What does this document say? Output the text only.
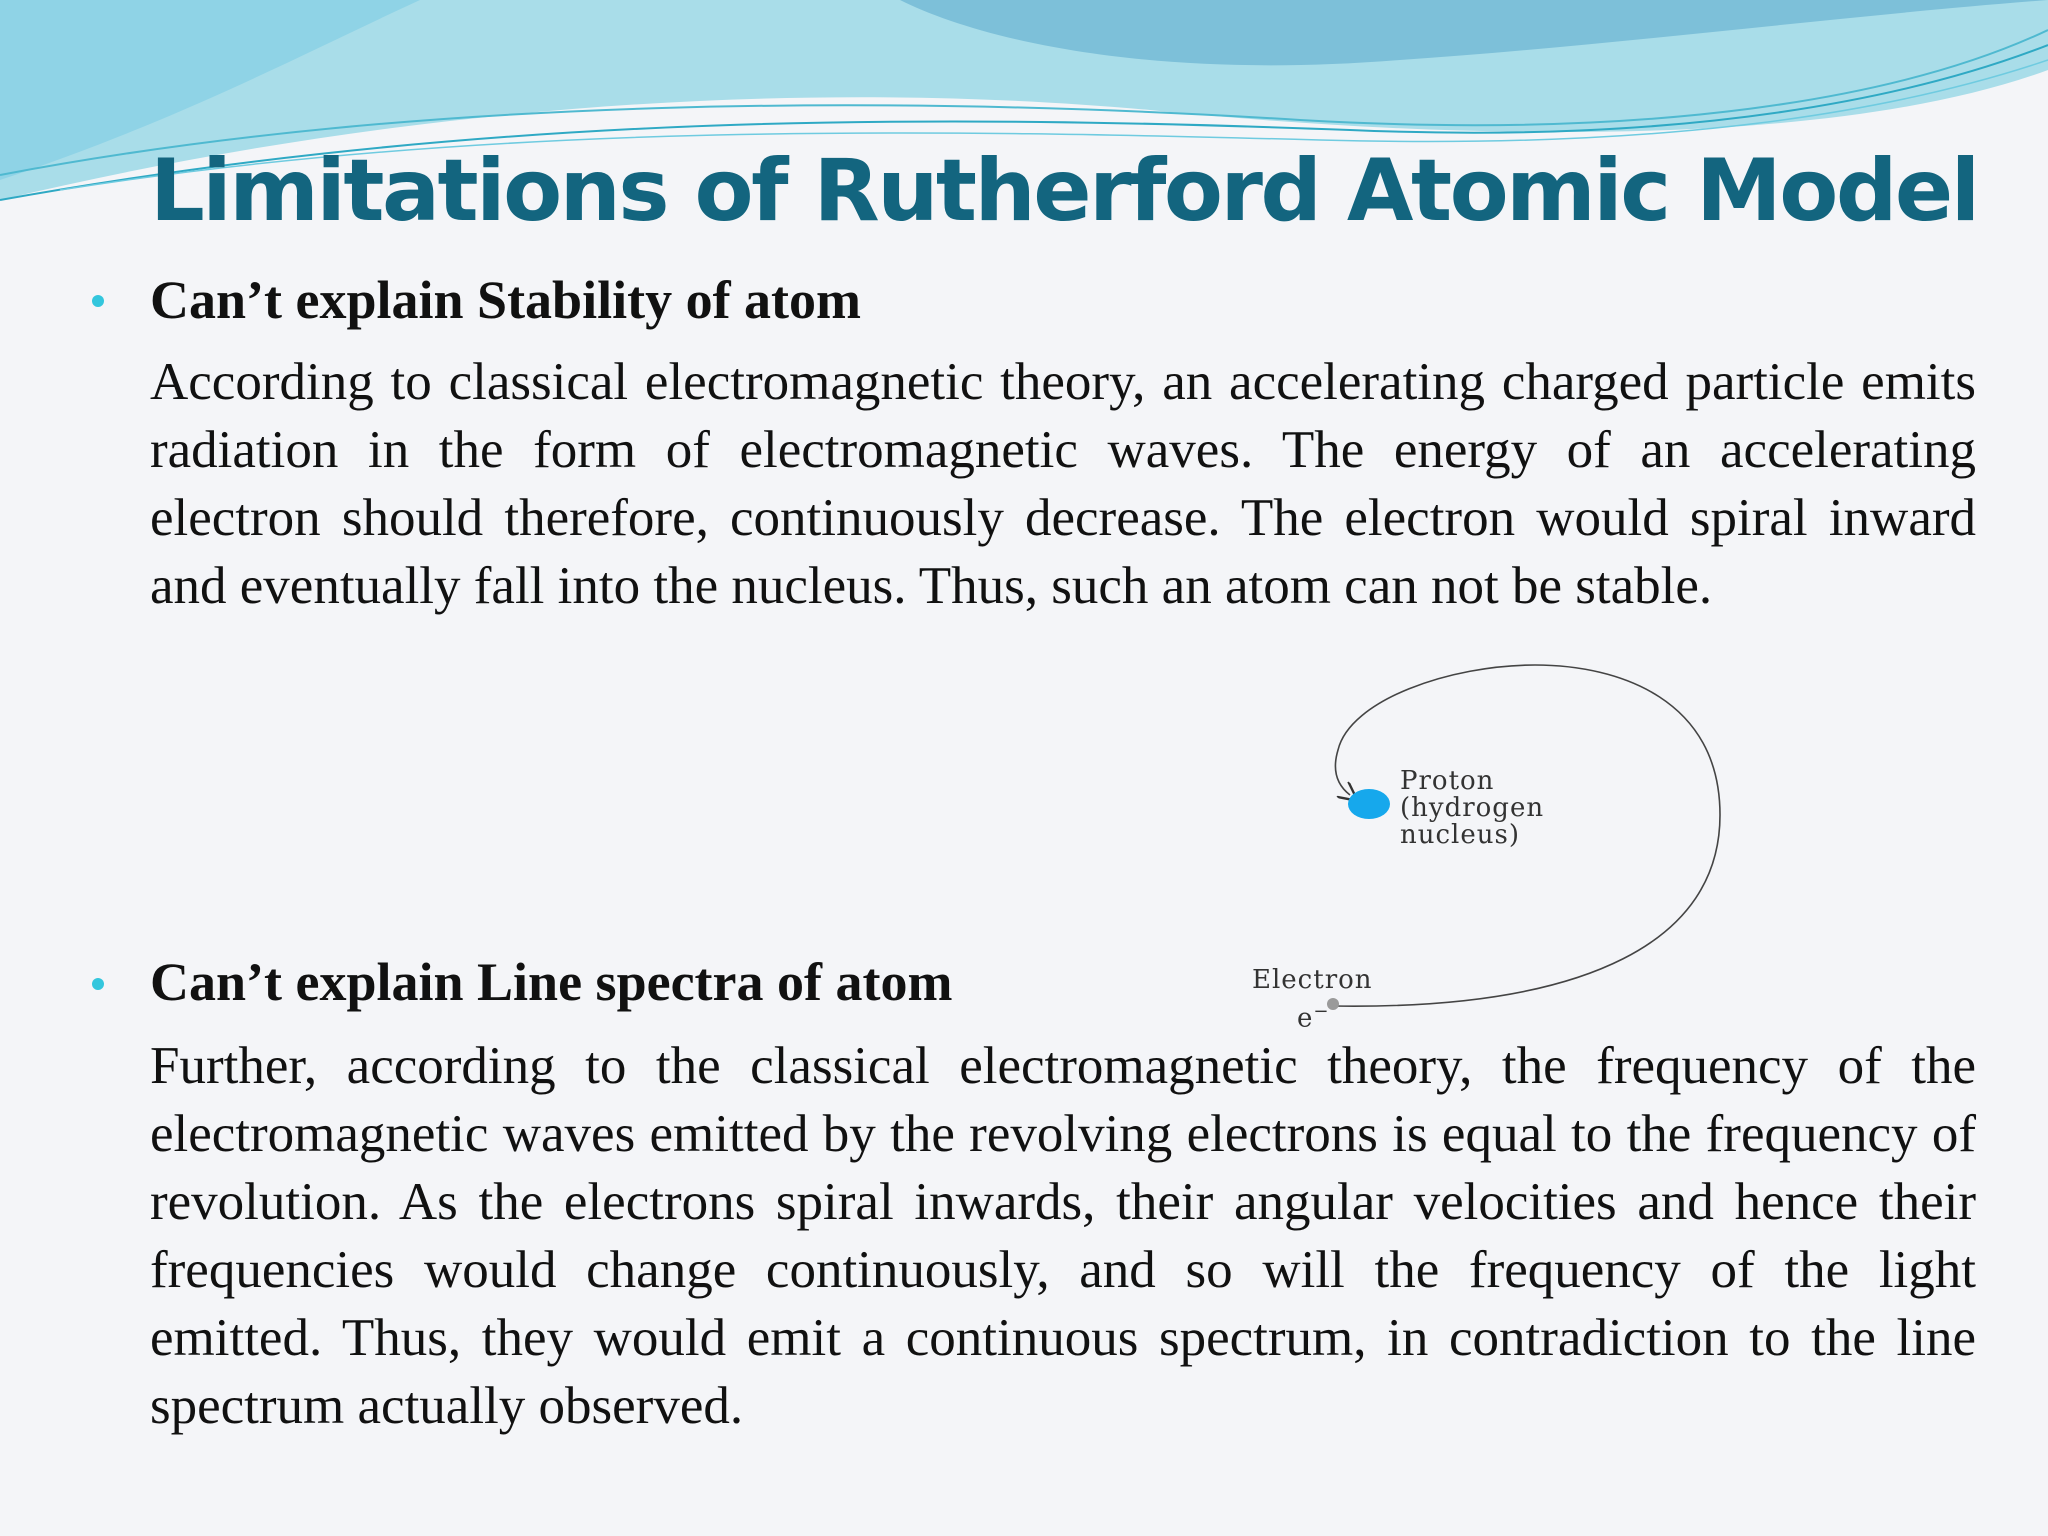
Limitations of Rutherford Atomic Model
Can’t explain Stability of atom

According to classical electromagnetic theory, an accelerating charged particle emits radiation in the form of electromagnetic waves. The energy of an accelerating electron should therefore, continuously decrease. The electron would spiral inward and eventually fall into the nucleus. Thus, such an atom can not be stable.

Proton
(hydrogen
nucleus)
Electron
e−
Can’t explain Line spectra of atom

Further, according to the classical electromagnetic theory, the frequency of the electromagnetic waves emitted by the revolving electrons is equal to the frequency of revolution. As the electrons spiral inwards, their angular velocities and hence their frequencies would change continuously, and so will the frequency of the light emitted. Thus, they would emit a continuous spectrum, in contradiction to the line spectrum actually observed.
